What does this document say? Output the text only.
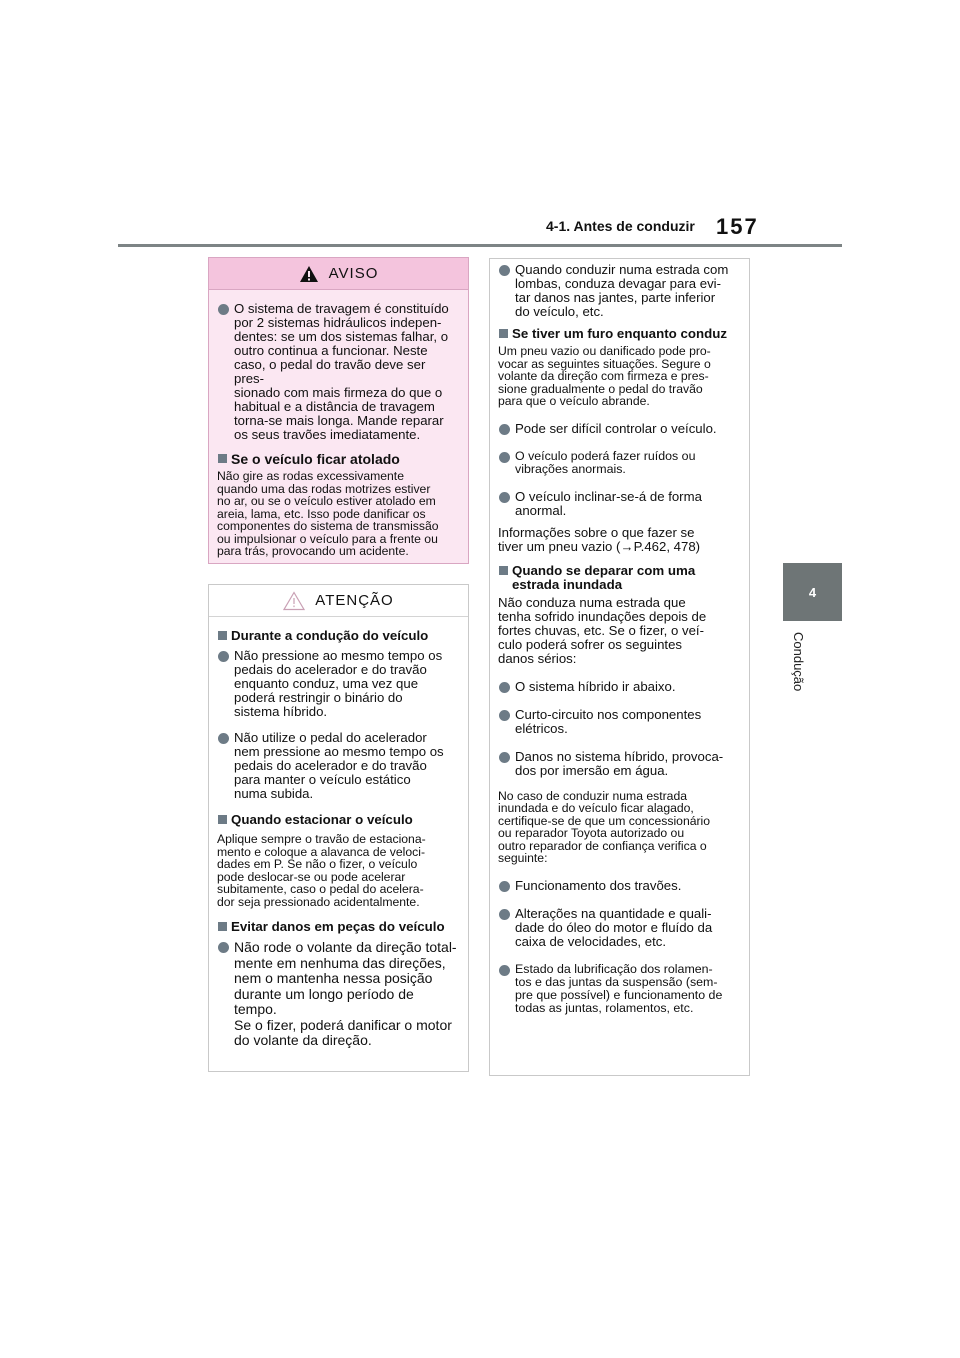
4-1. Antes de conduzir 157
4
Condução
AVISO
O sistema de travagem é constituído
por 2 sistemas hidráulicos indepen-
dentes: se um dos sistemas falhar, o
outro continua a funcionar. Neste
caso, o pedal do travão deve ser pres-
sionado com mais firmeza do que o
habitual e a distância de travagem
torna-se mais longa. Mande reparar
os seus travões imediatamente.
Se o veículo ficar atolado
Não gire as rodas excessivamente
quando uma das rodas motrizes estiver
no ar, ou se o veículo estiver atolado em
areia, lama, etc. Isso pode danificar os
componentes do sistema de transmissão
ou impulsionar o veículo para a frente ou
para trás, provocando um acidente.
ATENÇÃO
Durante a condução do veículo
Não pressione ao mesmo tempo os
pedais do acelerador e do travão
enquanto conduz, uma vez que
poderá restringir o binário do
sistema híbrido.
Não utilize o pedal do acelerador
nem pressione ao mesmo tempo os
pedais do acelerador e do travão
para manter o veículo estático
numa subida.
Quando estacionar o veículo
Aplique sempre o travão de estaciona-
mento e coloque a alavanca de veloci-
dades em P. Se não o fizer, o veículo
pode deslocar-se ou pode acelerar
subitamente, caso o pedal do acelera-
dor seja pressionado acidentalmente.
Evitar danos em peças do veículo
Não rode o volante da direção total-
mente em nenhuma das direções,
nem o mantenha nessa posição
durante um longo período de
tempo.
Se o fizer, poderá danificar o motor
do volante da direção.
Quando conduzir numa estrada com
lombas, conduza devagar para evi-
tar danos nas jantes, parte inferior
do veículo, etc.
Se tiver um furo enquanto conduz
Um pneu vazio ou danificado pode pro-
vocar as seguintes situações. Segure o
volante da direção com firmeza e pres-
sione gradualmente o pedal do travão
para que o veículo abrande.
Pode ser difícil controlar o veículo.
O veículo poderá fazer ruídos ou
vibrações anormais.
O veículo inclinar-se-á de forma
anormal.
Informações sobre o que fazer se
tiver um pneu vazio (→P.462, 478)
Quando se deparar com uma
estrada inundada
Não conduza numa estrada que
tenha sofrido inundações depois de
fortes chuvas, etc. Se o fizer, o veí-
culo poderá sofrer os seguintes
danos sérios:
O sistema híbrido ir abaixo.
Curto-circuito nos componentes
elétricos.
Danos no sistema híbrido, provoca-
dos por imersão em água.
No caso de conduzir numa estrada
inundada e do veículo ficar alagado,
certifique-se de que um concessionário
ou reparador Toyota autorizado ou
outro reparador de confiança verifica o
seguinte:
Funcionamento dos travões.
Alterações na quantidade e quali-
dade do óleo do motor e fluído da
caixa de velocidades, etc.
Estado da lubrificação dos rolamen-
tos e das juntas da suspensão (sem-
pre que possível) e funcionamento de
todas as juntas, rolamentos, etc.
